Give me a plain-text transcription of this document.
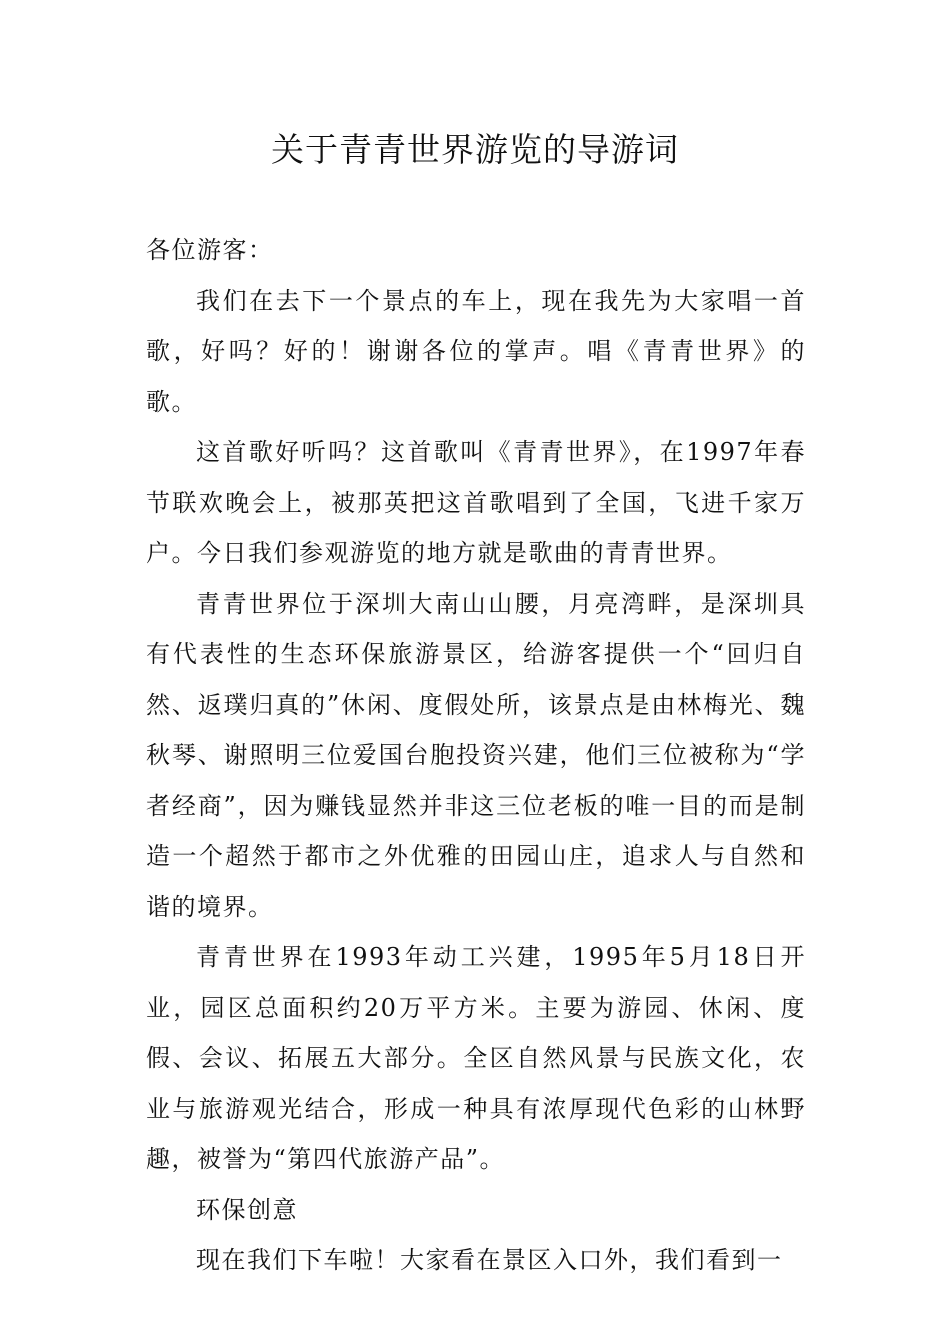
关于青青世界游览的导游词

各位游客：

我们在去下一个景点的车上，现在我先为大家唱一首歌，好吗？好的！谢谢各位的掌声。唱《青青世界》的歌。

这首歌好听吗？这首歌叫《青青世界》，在1997年春节联欢晚会上，被那英把这首歌唱到了全国，飞进千家万户。今日我们参观游览的地方就是歌曲的青青世界。

青青世界位于深圳大南山山腰，月亮湾畔，是深圳具有代表性的生态环保旅游景区，给游客提供一个“回归自然、返璞归真的”休闲、度假处所，该景点是由林梅光、魏秋琴、谢照明三位爱国台胞投资兴建，他们三位被称为“学者经商”，因为赚钱显然并非这三位老板的唯一目的而是制造一个超然于都市之外优雅的田园山庄，追求人与自然和谐的境界。

青青世界在1993年动工兴建，1995年5月18日开业，园区总面积约20万平方米。主要为游园、休闲、度假、会议、拓展五大部分。全区自然风景与民族文化，农业与旅游观光结合，形成一种具有浓厚现代色彩的山林野趣，被誉为“第四代旅游产品”。

环保创意

现在我们下车啦！大家看在景区入口外，我们看到一
